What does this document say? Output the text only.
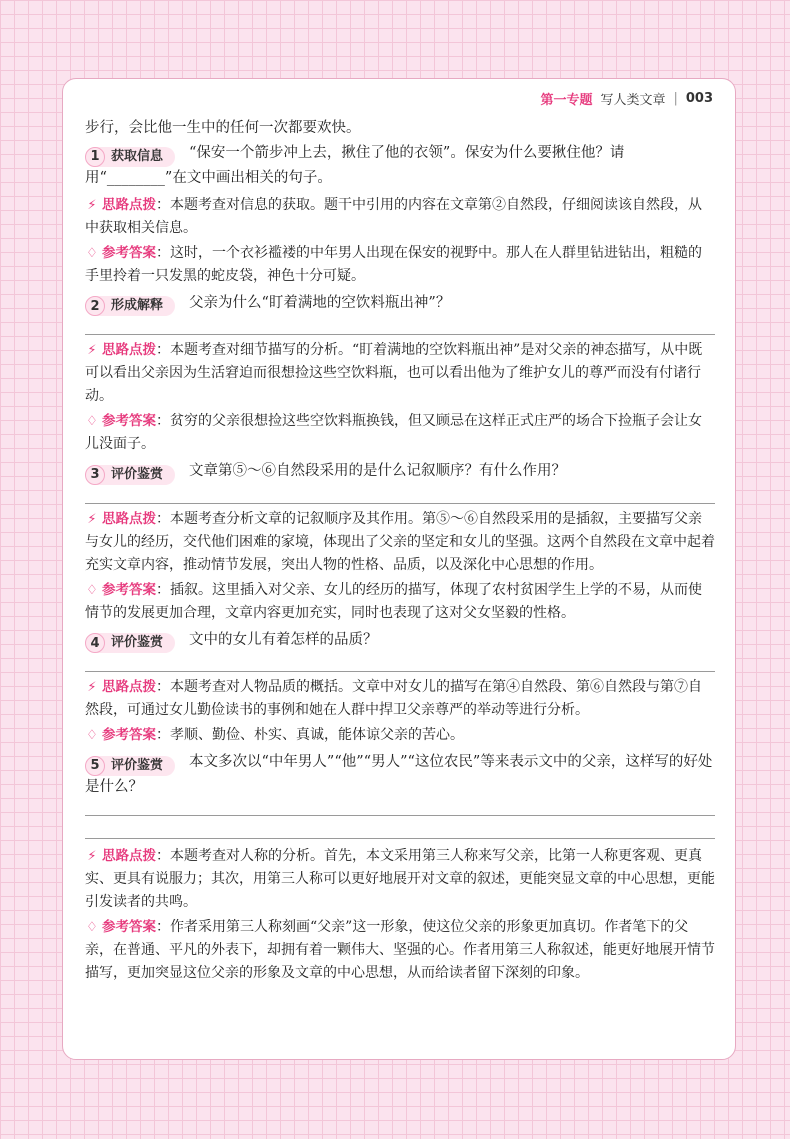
第一专题 写人类文章 | 003

步行，会比他一生中的任何一次都要欢快。

1 获取信息	“保安一个箭步冲上去，揪住了他的衣领”。保安为什么要揪住他？请用“________”在文中画出相关的句子。

⚡ 思路点拨：本题考查对信息的获取。题干中引用的内容在文章第②自然段，仔细阅读该自然段，从中获取相关信息。
♢ 参考答案：这时，一个衣衫褴褛的中年男人出现在保安的视野中。那人在人群里钻进钻出，粗糙的手里拎着一只发黑的蛇皮袋，神色十分可疑。

2 形成解释	父亲为什么“盯着满地的空饮料瓶出神”？

⚡ 思路点拨：本题考查对细节描写的分析。“盯着满地的空饮料瓶出神”是对父亲的神态描写，从中既可以看出父亲因为生活窘迫而很想捡这些空饮料瓶，也可以看出他为了维护女儿的尊严而没有付诸行动。
♢ 参考答案：贫穷的父亲很想捡这些空饮料瓶换钱，但又顾忌在这样正式庄严的场合下捡瓶子会让女儿没面子。

3 评价鉴赏	文章第⑤～⑥自然段采用的是什么记叙顺序？有什么作用？

⚡ 思路点拨：本题考查分析文章的记叙顺序及其作用。第⑤～⑥自然段采用的是插叙，主要描写父亲与女儿的经历，交代他们困难的家境，体现出了父亲的坚定和女儿的坚强。这两个自然段在文章中起着充实文章内容，推动情节发展，突出人物的性格、品质，以及深化中心思想的作用。
♢ 参考答案：插叙。这里插入对父亲、女儿的经历的描写，体现了农村贫困学生上学的不易，从而使情节的发展更加合理，文章内容更加充实，同时也表现了这对父女坚毅的性格。

4 评价鉴赏	文中的女儿有着怎样的品质？

⚡ 思路点拨：本题考查对人物品质的概括。文章中对女儿的描写在第④自然段、第⑥自然段与第⑦自然段，可通过女儿勤俭读书的事例和她在人群中捍卫父亲尊严的举动等进行分析。
♢ 参考答案：孝顺、勤俭、朴实、真诚，能体谅父亲的苦心。

5 评价鉴赏	本文多次以“中年男人”“他”“男人”“这位农民”等来表示文中的父亲，这样写的好处是什么？

⚡ 思路点拨：本题考查对人称的分析。首先，本文采用第三人称来写父亲，比第一人称更客观、更真实、更具有说服力；其次，用第三人称可以更好地展开对文章的叙述，更能突显文章的中心思想，更能引发读者的共鸣。
♢ 参考答案：作者采用第三人称刻画“父亲”这一形象，使这位父亲的形象更加真切。作者笔下的父亲，在普通、平凡的外表下，却拥有着一颗伟大、坚强的心。作者用第三人称叙述，能更好地展开情节描写，更加突显这位父亲的形象及文章的中心思想，从而给读者留下深刻的印象。
